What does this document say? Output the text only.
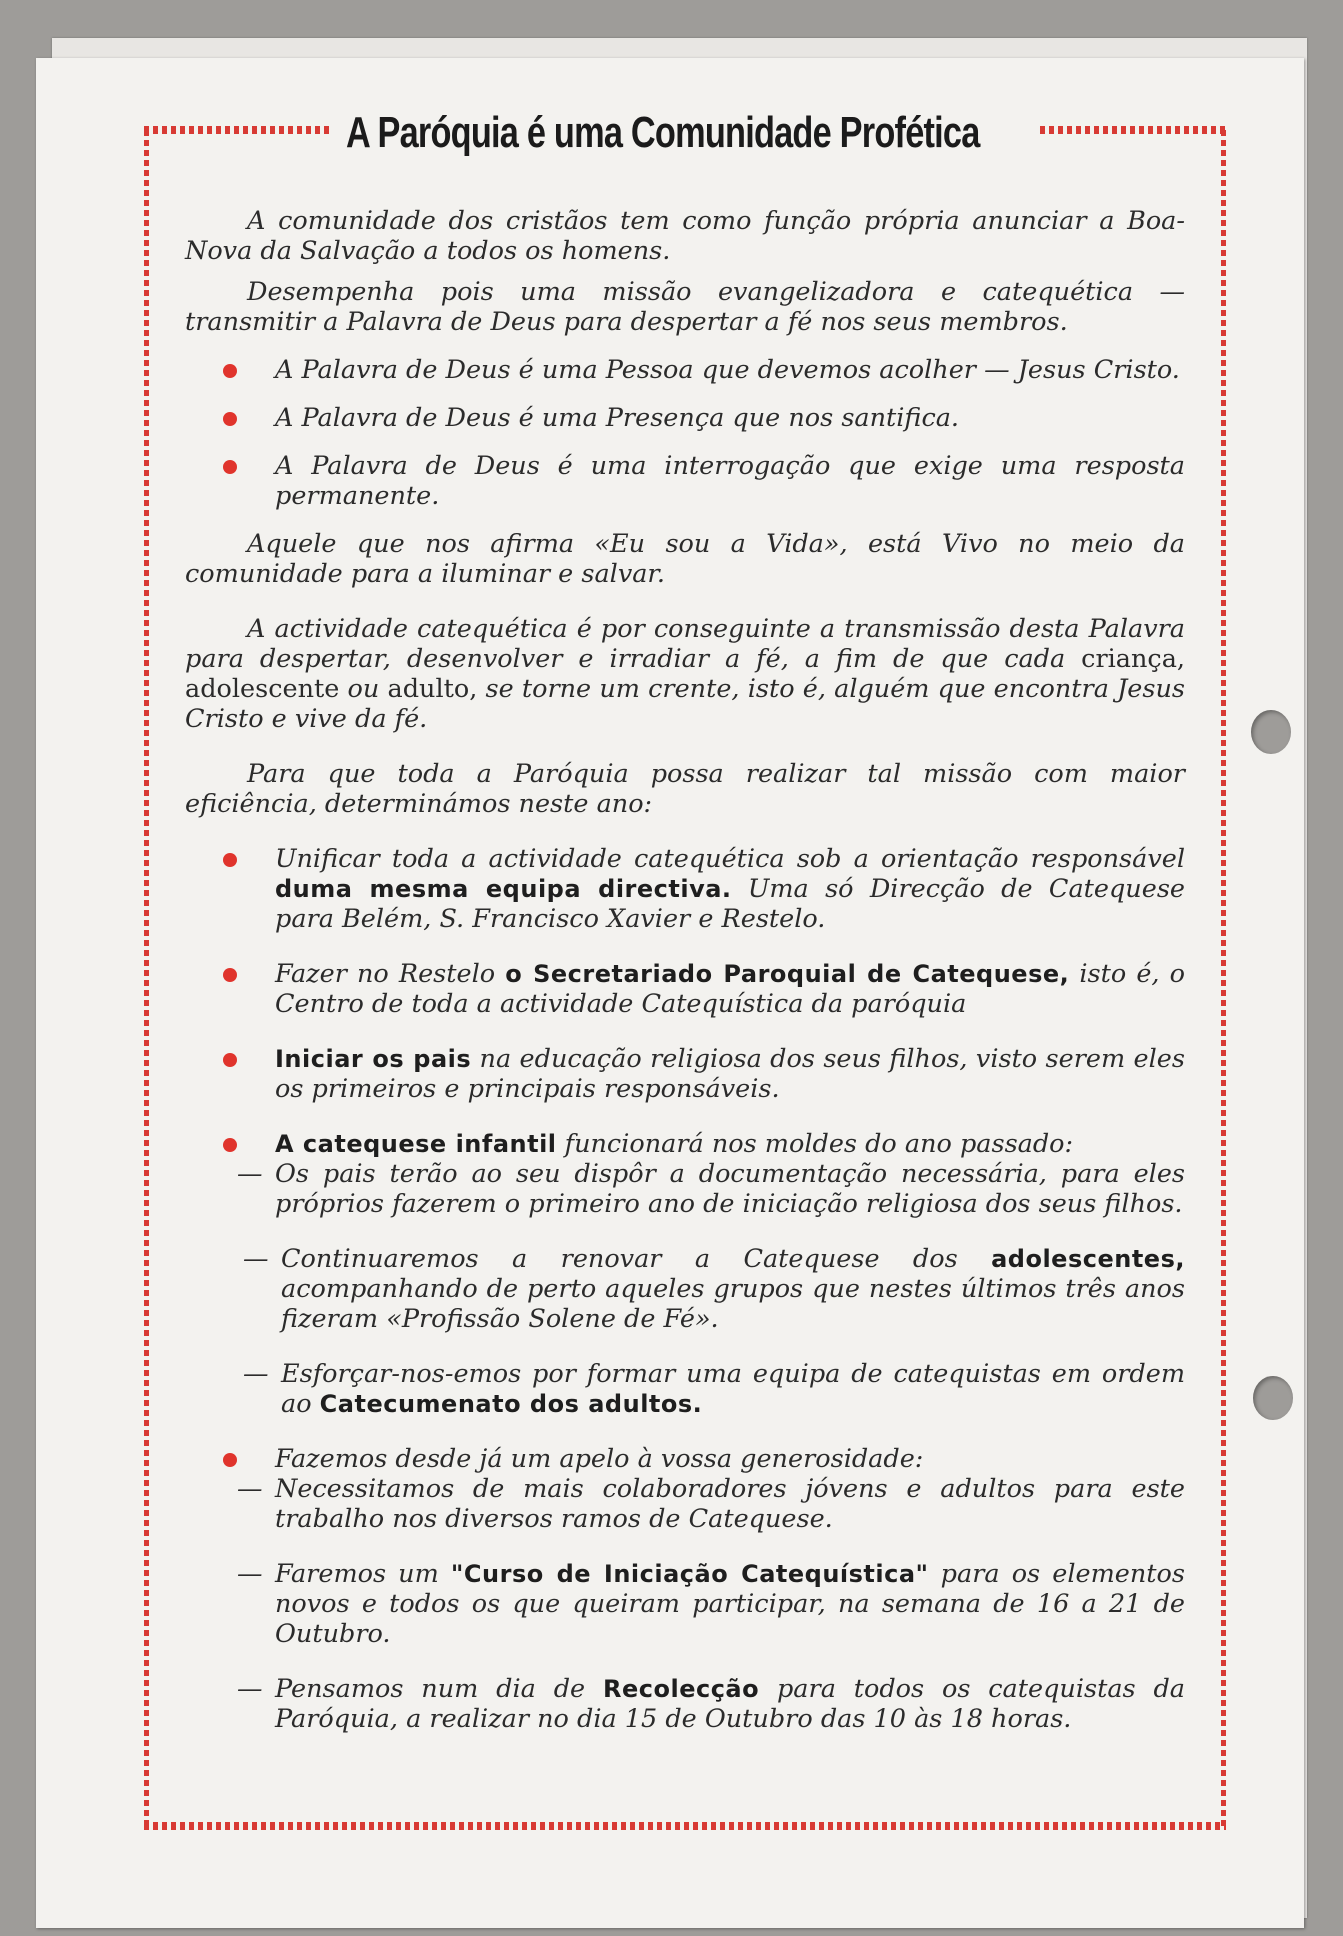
A Paróquia é uma Comunidade Profética

A comunidade dos cristãos tem como função própria anunciar a Boa-Nova da Salvação a todos os homens.

Desempenha pois uma missão evangelizadora e catequética — transmitir a Palavra de Deus para despertar a fé nos seus membros.

A Palavra de Deus é uma Pessoa que devemos acolher — Jesus Cristo.

A Palavra de Deus é uma Presença que nos santifica.

A Palavra de Deus é uma interrogação que exige uma resposta permanente.

Aquele que nos afirma «Eu sou a Vida», está Vivo no meio da comunidade para a iluminar e salvar.

A actividade catequética é por conseguinte a transmissão desta Palavra para despertar, desenvolver e irradiar a fé, a fim de que cada criança, adolescente ou adulto, se torne um crente, isto é, alguém que encontra Jesus Cristo e vive da fé.

Para que toda a Paróquia possa realizar tal missão com maior eficiência, determinámos neste ano:

Unificar toda a actividade catequética sob a orientação responsável duma mesma equipa directiva. Uma só Direcção de Catequese para Belém, S. Francisco Xavier e Restelo.

Fazer no Restelo o Secretariado Paroquial de Catequese, isto é, o Centro de toda a actividade Catequística da paróquia

Iniciar os pais na educação religiosa dos seus filhos, visto serem eles os primeiros e principais responsáveis.

A catequese infantil funcionará nos moldes do ano passado:

— Os pais terão ao seu dispôr a documentação necessária, para eles próprios fazerem o primeiro ano de iniciação religiosa dos seus filhos.

— Continuaremos a renovar a Catequese dos adolescentes, acompanhando de perto aqueles grupos que nestes últimos três anos fizeram «Profissão Solene de Fé».

— Esforçar-nos-emos por formar uma equipa de catequistas em ordem ao Catecumenato dos adultos.

Fazemos desde já um apelo à vossa generosidade:

— Necessitamos de mais colaboradores jóvens e adultos para este trabalho nos diversos ramos de Catequese.

— Faremos um "Curso de Iniciação Catequística" para os elementos novos e todos os que queiram participar, na semana de 16 a 21 de Outubro.

— Pensamos num dia de Recolecção para todos os catequistas da Paróquia, a realizar no dia 15 de Outubro das 10 às 18 horas.
